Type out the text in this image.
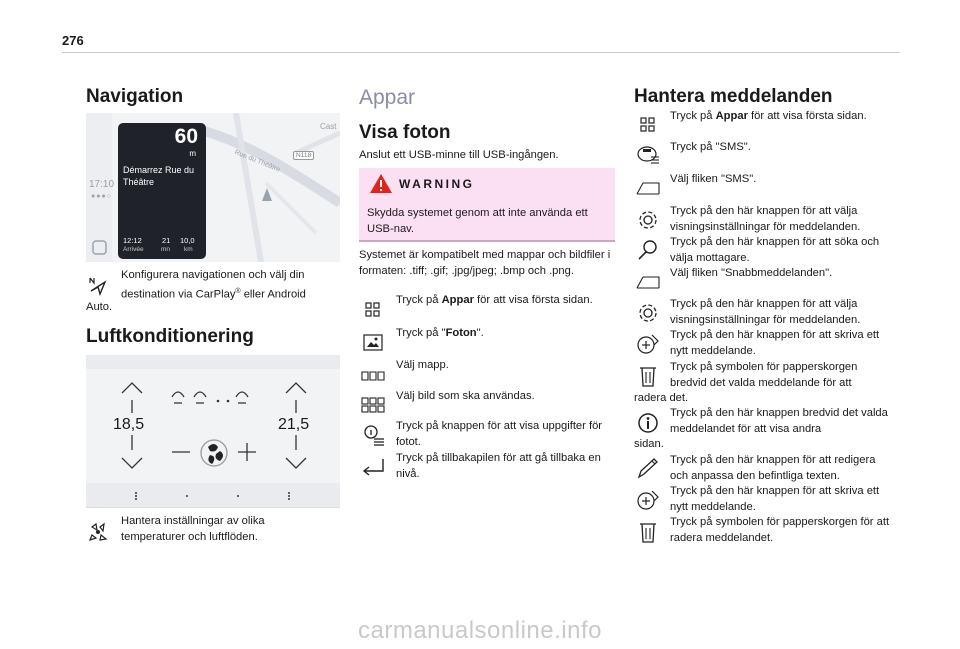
276
Navigation
17:10
●●●○
Cast
Rue du Théâtre	N118
60
m
Démarrez Rue du Théâtre
12:12
Arrivée
21
mn
10,0
km
Konfigurera navigationen och välj din destination via CarPlay® eller Android
Auto.
Luftkonditionering
18,5	21,5
Hantera inställningar av olika temperaturer och luftflöden.
Appar
Visa foton
Anslut ett USB-minne till USB-ingången.
WARNING
Skydda systemet genom att inte använda ett USB-nav.
Systemet är kompatibelt med mappar och bildfiler i formaten: .tiff; .gif; .jpg/jpeg; .bmp och .png.
Tryck på Appar för att visa första sidan.
Tryck på "Foton".
Välj mapp.
Välj bild som ska användas.
Tryck på knappen för att visa uppgifter för fotot.
Tryck på tillbakapilen för att gå tillbaka en nivå.
Hantera meddelanden
Tryck på Appar för att visa första sidan.
Tryck på "SMS".
Välj fliken "SMS".
Tryck på den här knappen för att välja visningsinställningar för meddelanden.
Tryck på den här knappen för att söka och välja mottagare.
Välj fliken "Snabbmeddelanden".
Tryck på den här knappen för att välja visningsinställningar för meddelanden.
Tryck på den här knappen för att skriva ett nytt meddelande.
Tryck på symbolen för papperskorgen bredvid det valda meddelande för att
radera det.
Tryck på den här knappen bredvid det valda meddelandet för att visa andra
sidan.
Tryck på den här knappen för att redigera och anpassa den befintliga texten.
Tryck på den här knappen för att skriva ett nytt meddelande.
Tryck på symbolen för papperskorgen för att radera meddelandet.
carmanualsonline.info
